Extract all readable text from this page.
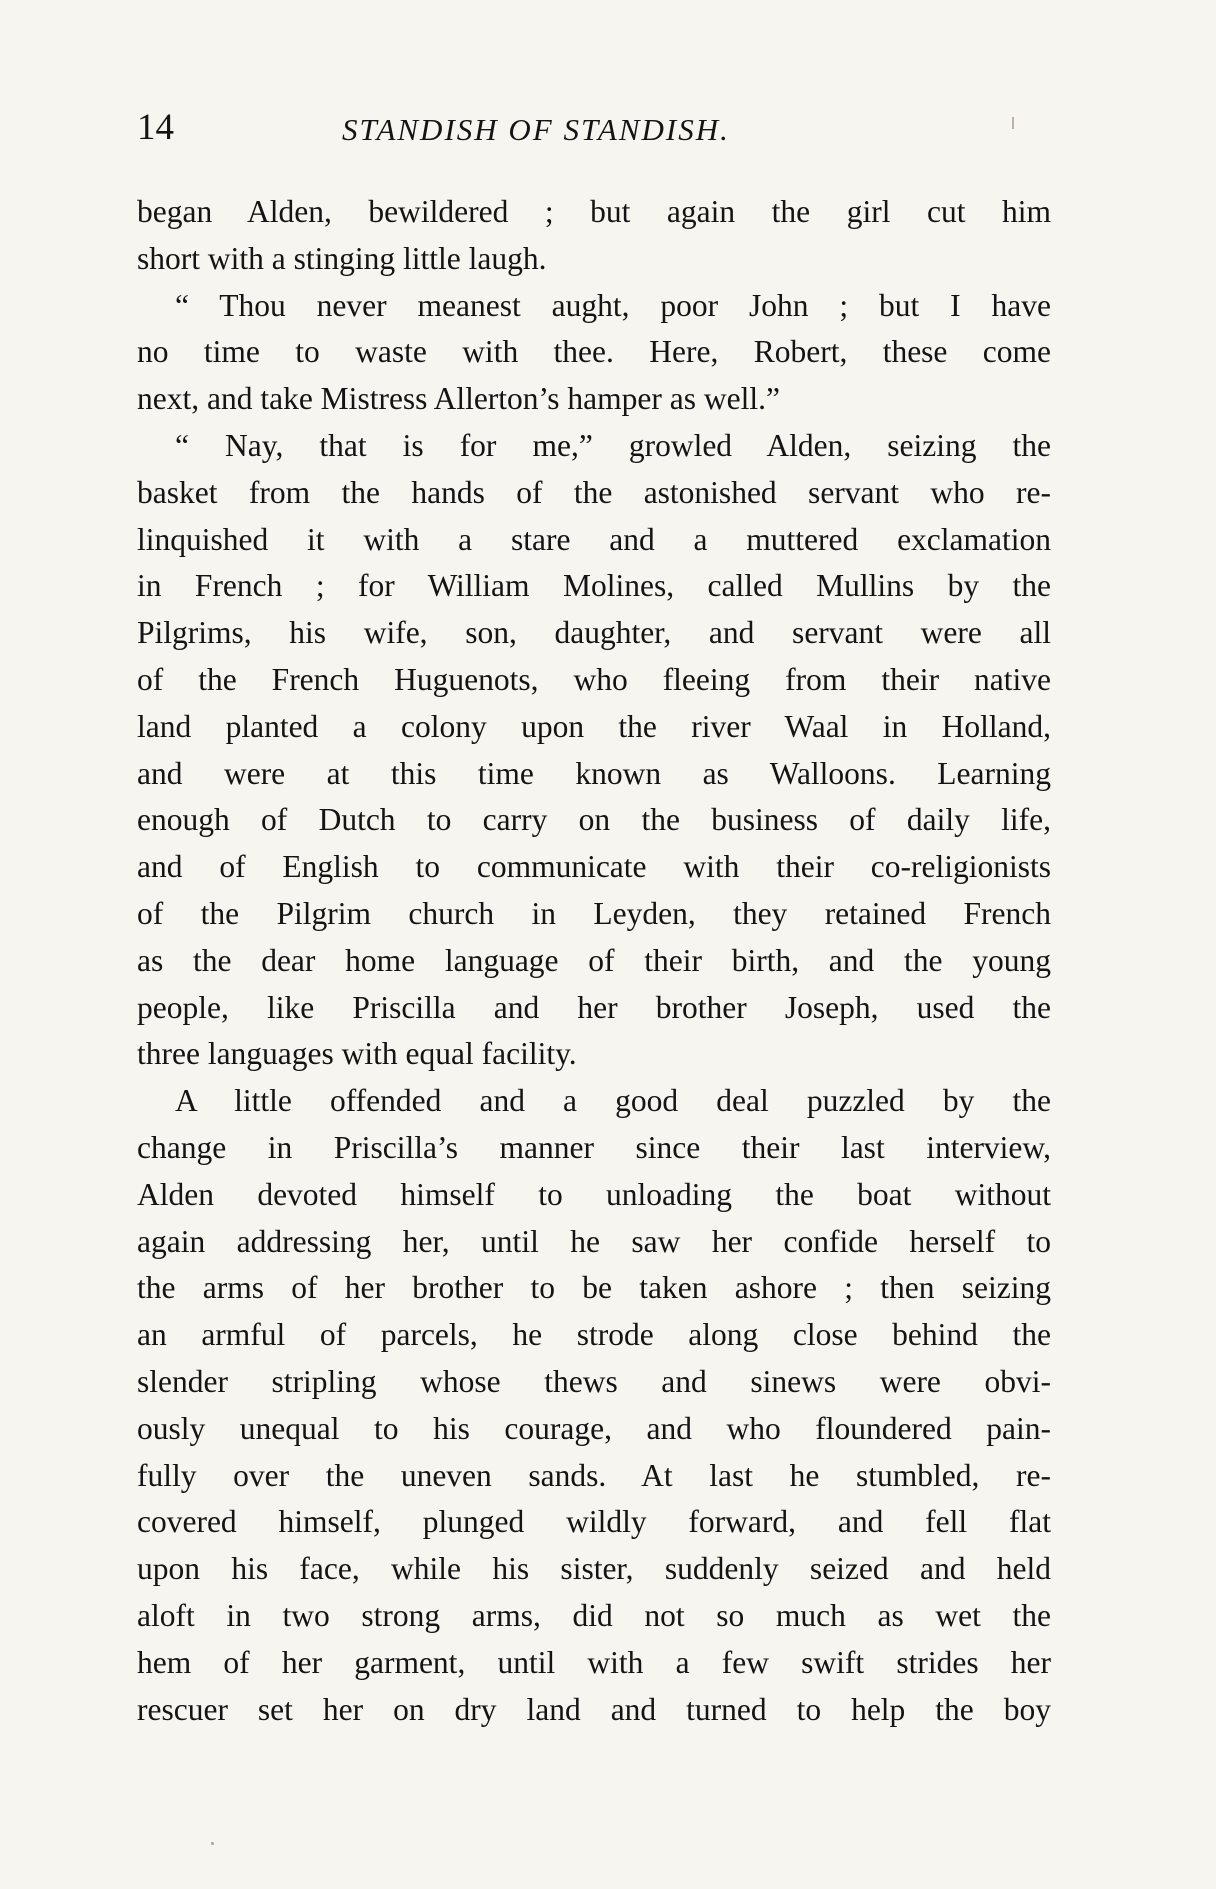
14	STANDISH OF STANDISH.
began Alden, bewildered ; but again the girl cut him
short with a stinging little laugh.
“ Thou never meanest aught, poor John ; but I have
no time to waste with thee. Here, Robert, these come
next, and take Mistress Allerton’s hamper as well.”
“ Nay, that is for me,” growled Alden, seizing the
basket from the hands of the astonished servant who re-
linquished it with a stare and a muttered exclamation
in French ; for William Molines, called Mullins by the
Pilgrims, his wife, son, daughter, and servant were all
of the French Huguenots, who fleeing from their native
land planted a colony upon the river Waal in Holland,
and were at this time known as Walloons. Learning
enough of Dutch to carry on the business of daily life,
and of English to communicate with their co-religionists
of the Pilgrim church in Leyden, they retained French
as the dear home language of their birth, and the young
people, like Priscilla and her brother Joseph, used the
three languages with equal facility.
A little offended and a good deal puzzled by the
change in Priscilla’s manner since their last interview,
Alden devoted himself to unloading the boat without
again addressing her, until he saw her confide herself to
the arms of her brother to be taken ashore ; then seizing
an armful of parcels, he strode along close behind the
slender stripling whose thews and sinews were obvi-
ously unequal to his courage, and who floundered pain-
fully over the uneven sands. At last he stumbled, re-
covered himself, plunged wildly forward, and fell flat
upon his face, while his sister, suddenly seized and held
aloft in two strong arms, did not so much as wet the
hem of her garment, until with a few swift strides her
rescuer set her on dry land and turned to help the boy
